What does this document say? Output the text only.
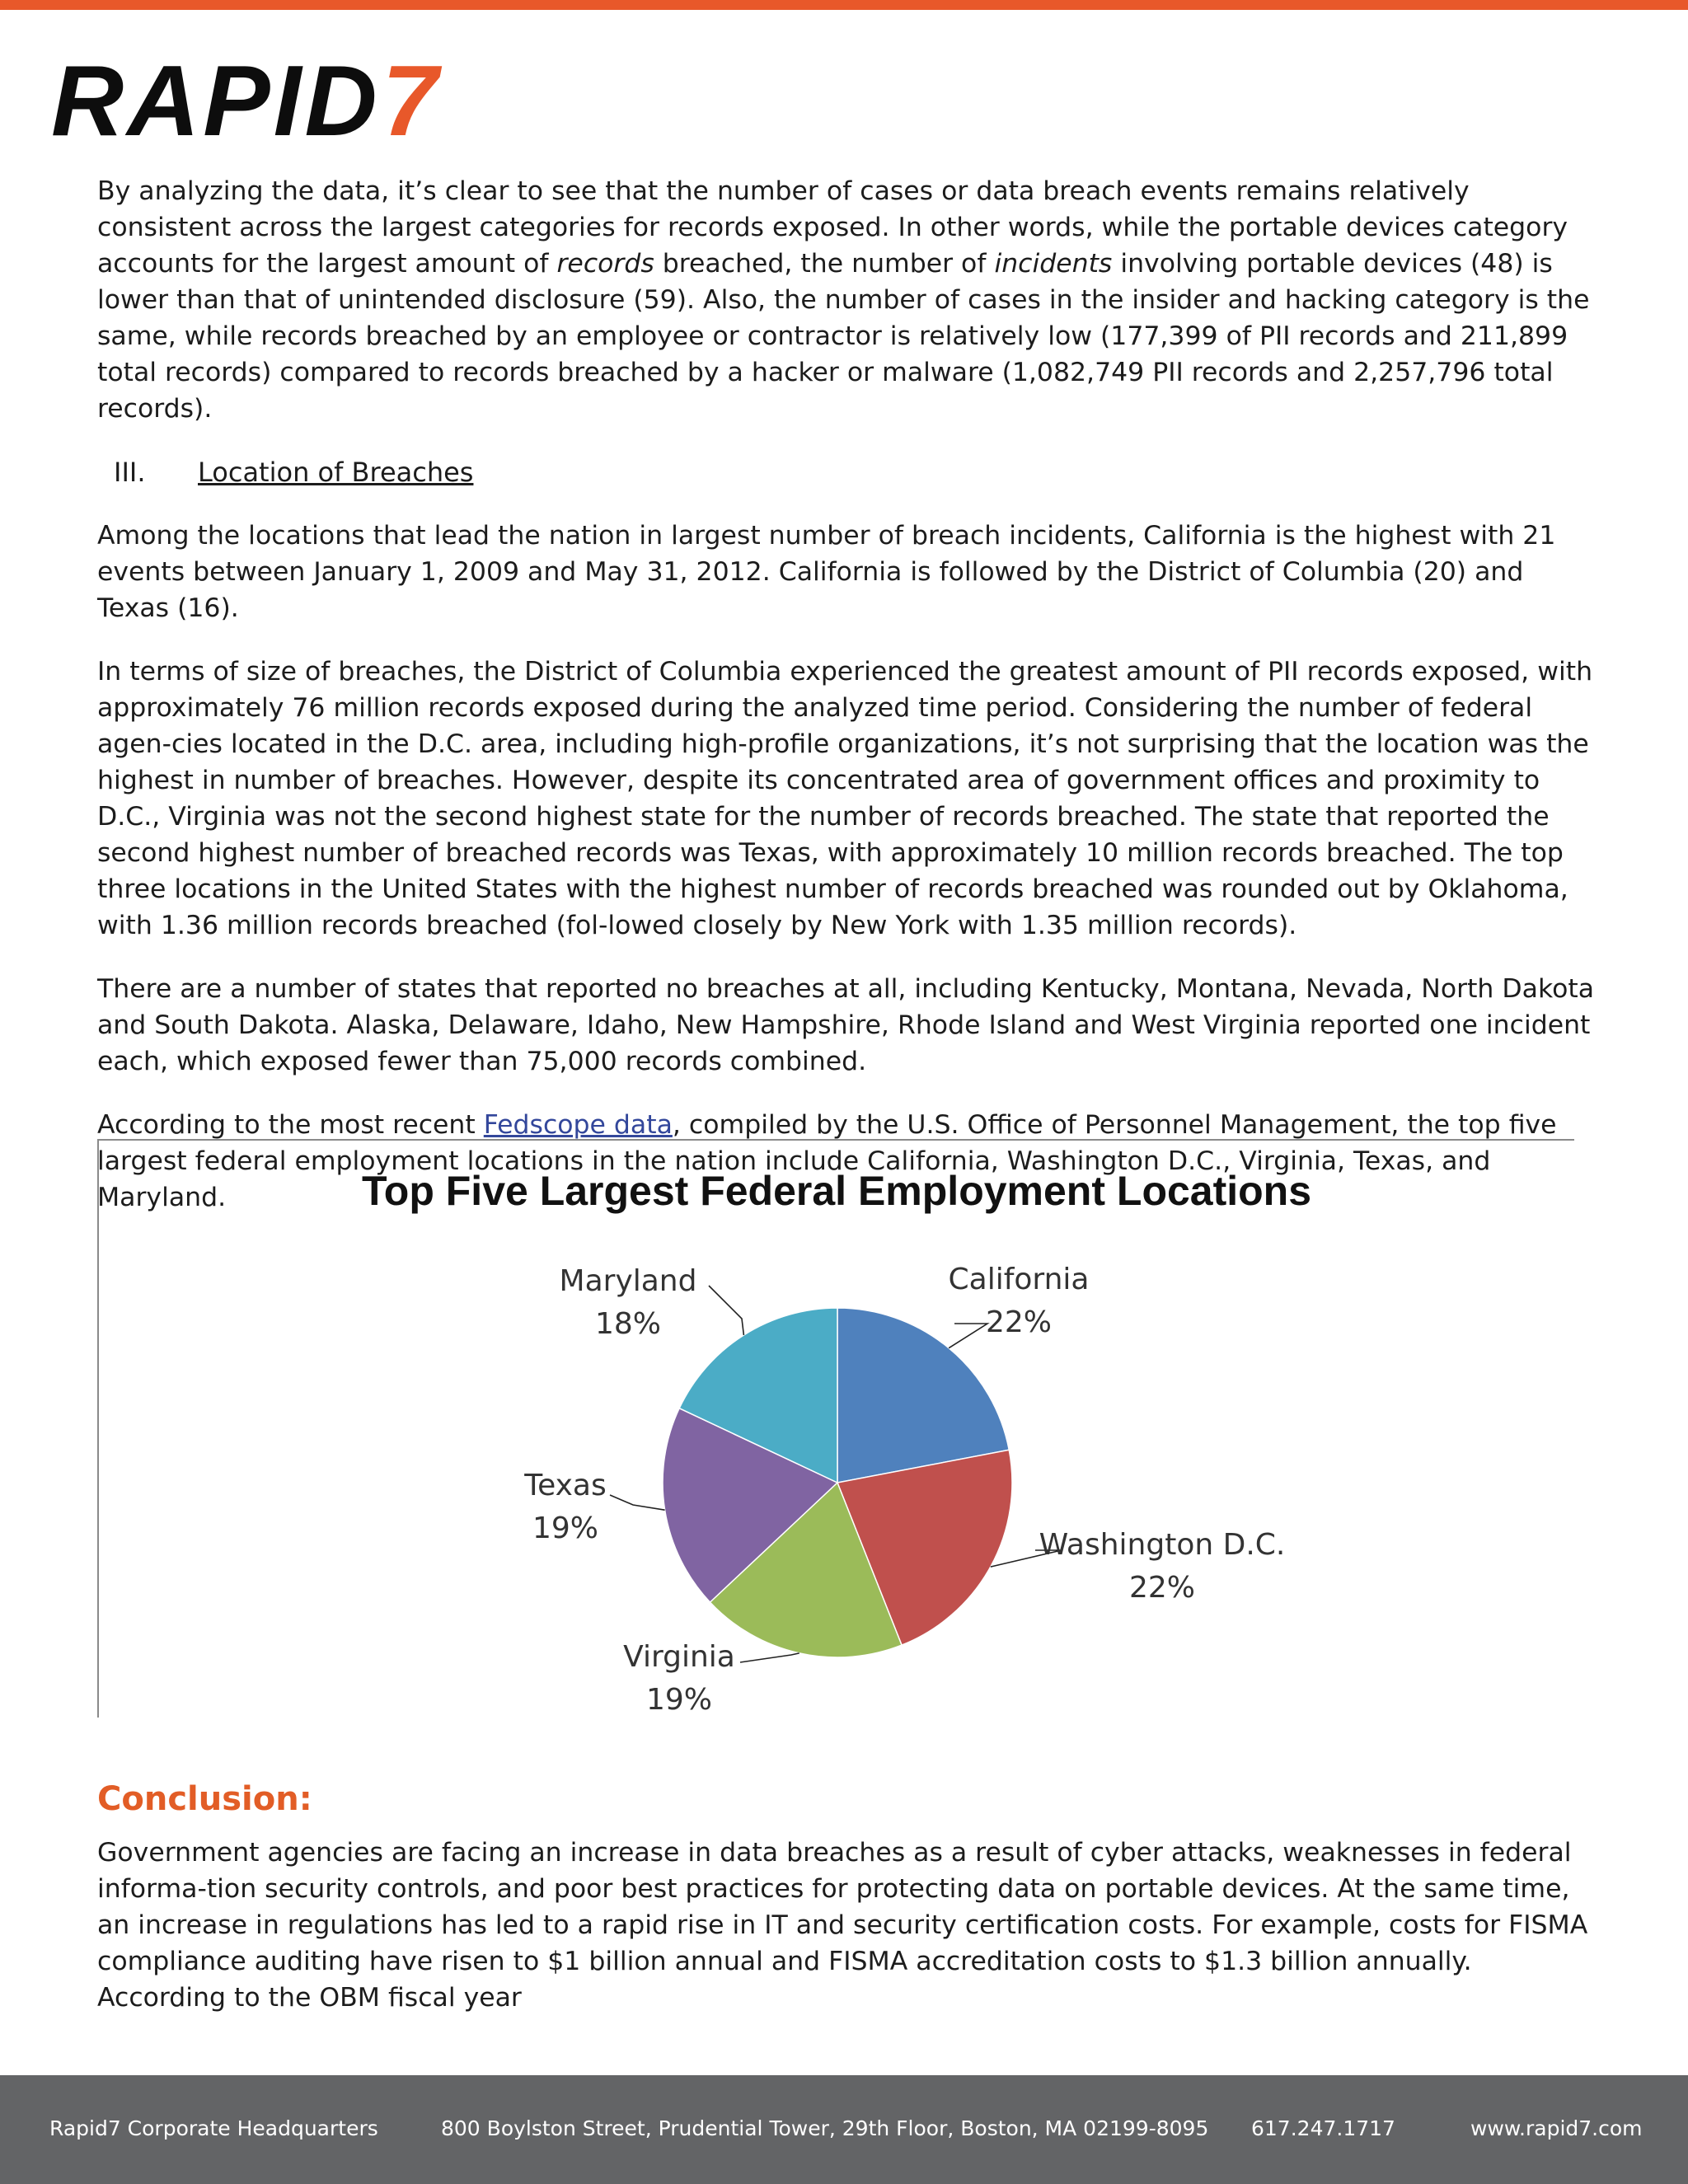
RAPID 7

By analyzing the data, it’s clear to see that the number of cases or data breach events remains relatively consistent across the largest categories for records exposed. In other words, while the portable devices category accounts for the largest amount of records breached, the number of incidents involving portable devices (48) is lower than that of unintended disclosure (59). Also, the number of cases in the insider and hacking category is the same, while records breached by an employee or contractor is relatively low (177,399 of PII records and 211,899 total records) compared to records breached by a hacker or malware (1,082,749 PII records and 2,257,796 total records).

III.	Location of Breaches

Among the locations that lead the nation in largest number of breach incidents, California is the highest with 21 events between January 1, 2009 and May 31, 2012. California is followed by the District of Columbia (20) and Texas (16).

In terms of size of breaches, the District of Columbia experienced the greatest amount of PII records exposed, with approximately 76 million records exposed during the analyzed time period. Considering the number of federal agen-cies located in the D.C. area, including high-profile organizations, it’s not surprising that the location was the highest in number of breaches. However, despite its concentrated area of government offices and proximity to D.C., Virginia was not the second highest state for the number of records breached. The state that reported the second highest number of breached records was Texas, with approximately 10 million records breached. The top three locations in the United States with the highest number of records breached was rounded out by Oklahoma, with 1.36 million records breached (fol-lowed closely by New York with 1.35 million records).

There are a number of states that reported no breaches at all, including Kentucky, Montana, Nevada, North Dakota and South Dakota. Alaska, Delaware, Idaho, New Hampshire, Rhode Island and West Virginia reported one incident each, which exposed fewer than 75,000 records combined.

According to the most recent Fedscope data, compiled by the U.S. Office of Personnel Management, the top five largest federal employment locations in the nation include California, Washington D.C., Virginia, Texas, and Maryland.	Top Five Largest Federal Employment Locations
California
22%
Washington D.C.
22%
Virginia
19%
Texas
19%
Maryland
18%
Conclusion:

Government agencies are facing an increase in data breaches as a result of cyber attacks, weaknesses in federal informa-tion security controls, and poor best practices for protecting data on portable devices. At the same time, an increase in regulations has led to a rapid rise in IT and security certification costs. For example, costs for FISMA compliance auditing have risen to $1 billion annual and FISMA accreditation costs to $1.3 billion annually. According to the OBM fiscal year

Rapid7 Corporate Headquarters	800 Boylston Street, Prudential Tower, 29th Floor, Boston, MA 02199-8095 617.247.1717	www.rapid7.com
